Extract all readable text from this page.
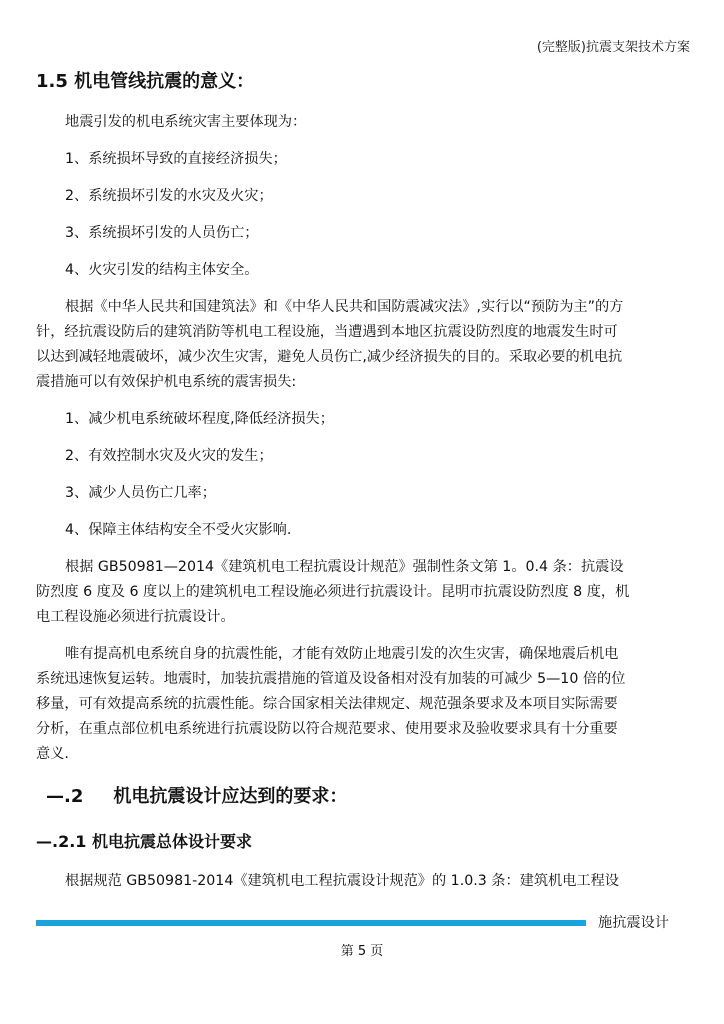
(完整版)抗震支架技术方案
1.5 机电管线抗震的意义：

地震引发的机电系统灾害主要体现为：

1、系统损坏导致的直接经济损失；

2、系统损坏引发的水灾及火灾；

3、系统损坏引发的人员伤亡；

4、火灾引发的结构主体安全。

根据《中华人民共和国建筑法》和《中华人民共和国防震减灾法》,实行以“预防为主”的方

针，经抗震设防后的建筑消防等机电工程设施，当遭遇到本地区抗震设防烈度的地震发生时可

以达到减轻地震破坏，减少次生灾害，避免人员伤亡,减少经济损失的目的。采取必要的机电抗

震措施可以有效保护机电系统的震害损失:

1、减少机电系统破坏程度,降低经济损失；

2、有效控制水灾及火灾的发生；

3、减少人员伤亡几率；

4、保障主体结构安全不受火灾影响.

根据 GB50981—2014《建筑机电工程抗震设计规范》强制性条文第 1。0.4 条：抗震设

防烈度 6 度及 6 度以上的建筑机电工程设施必须进行抗震设计。昆明市抗震设防烈度 8 度，机

电工程设施必须进行抗震设计。

唯有提高机电系统自身的抗震性能，才能有效防止地震引发的次生灾害，确保地震后机电

系统迅速恢复运转。地震时，加装抗震措施的管道及设备相对没有加装的可减少 5—10 倍的位

移量，可有效提高系统的抗震性能。综合国家相关法律规定、规范强条要求及本项目实际需要

分析，在重点部位机电系统进行抗震设防以符合规范要求、使用要求及验收要求具有十分重要

意义.

—.2 机电抗震设计应达到的要求：
—.2.1 机电抗震总体设计要求

根据规范 GB50981-2014《建筑机电工程抗震设计规范》的 1.0.3 条：建筑机电工程设

施抗震设计
第 5 页
